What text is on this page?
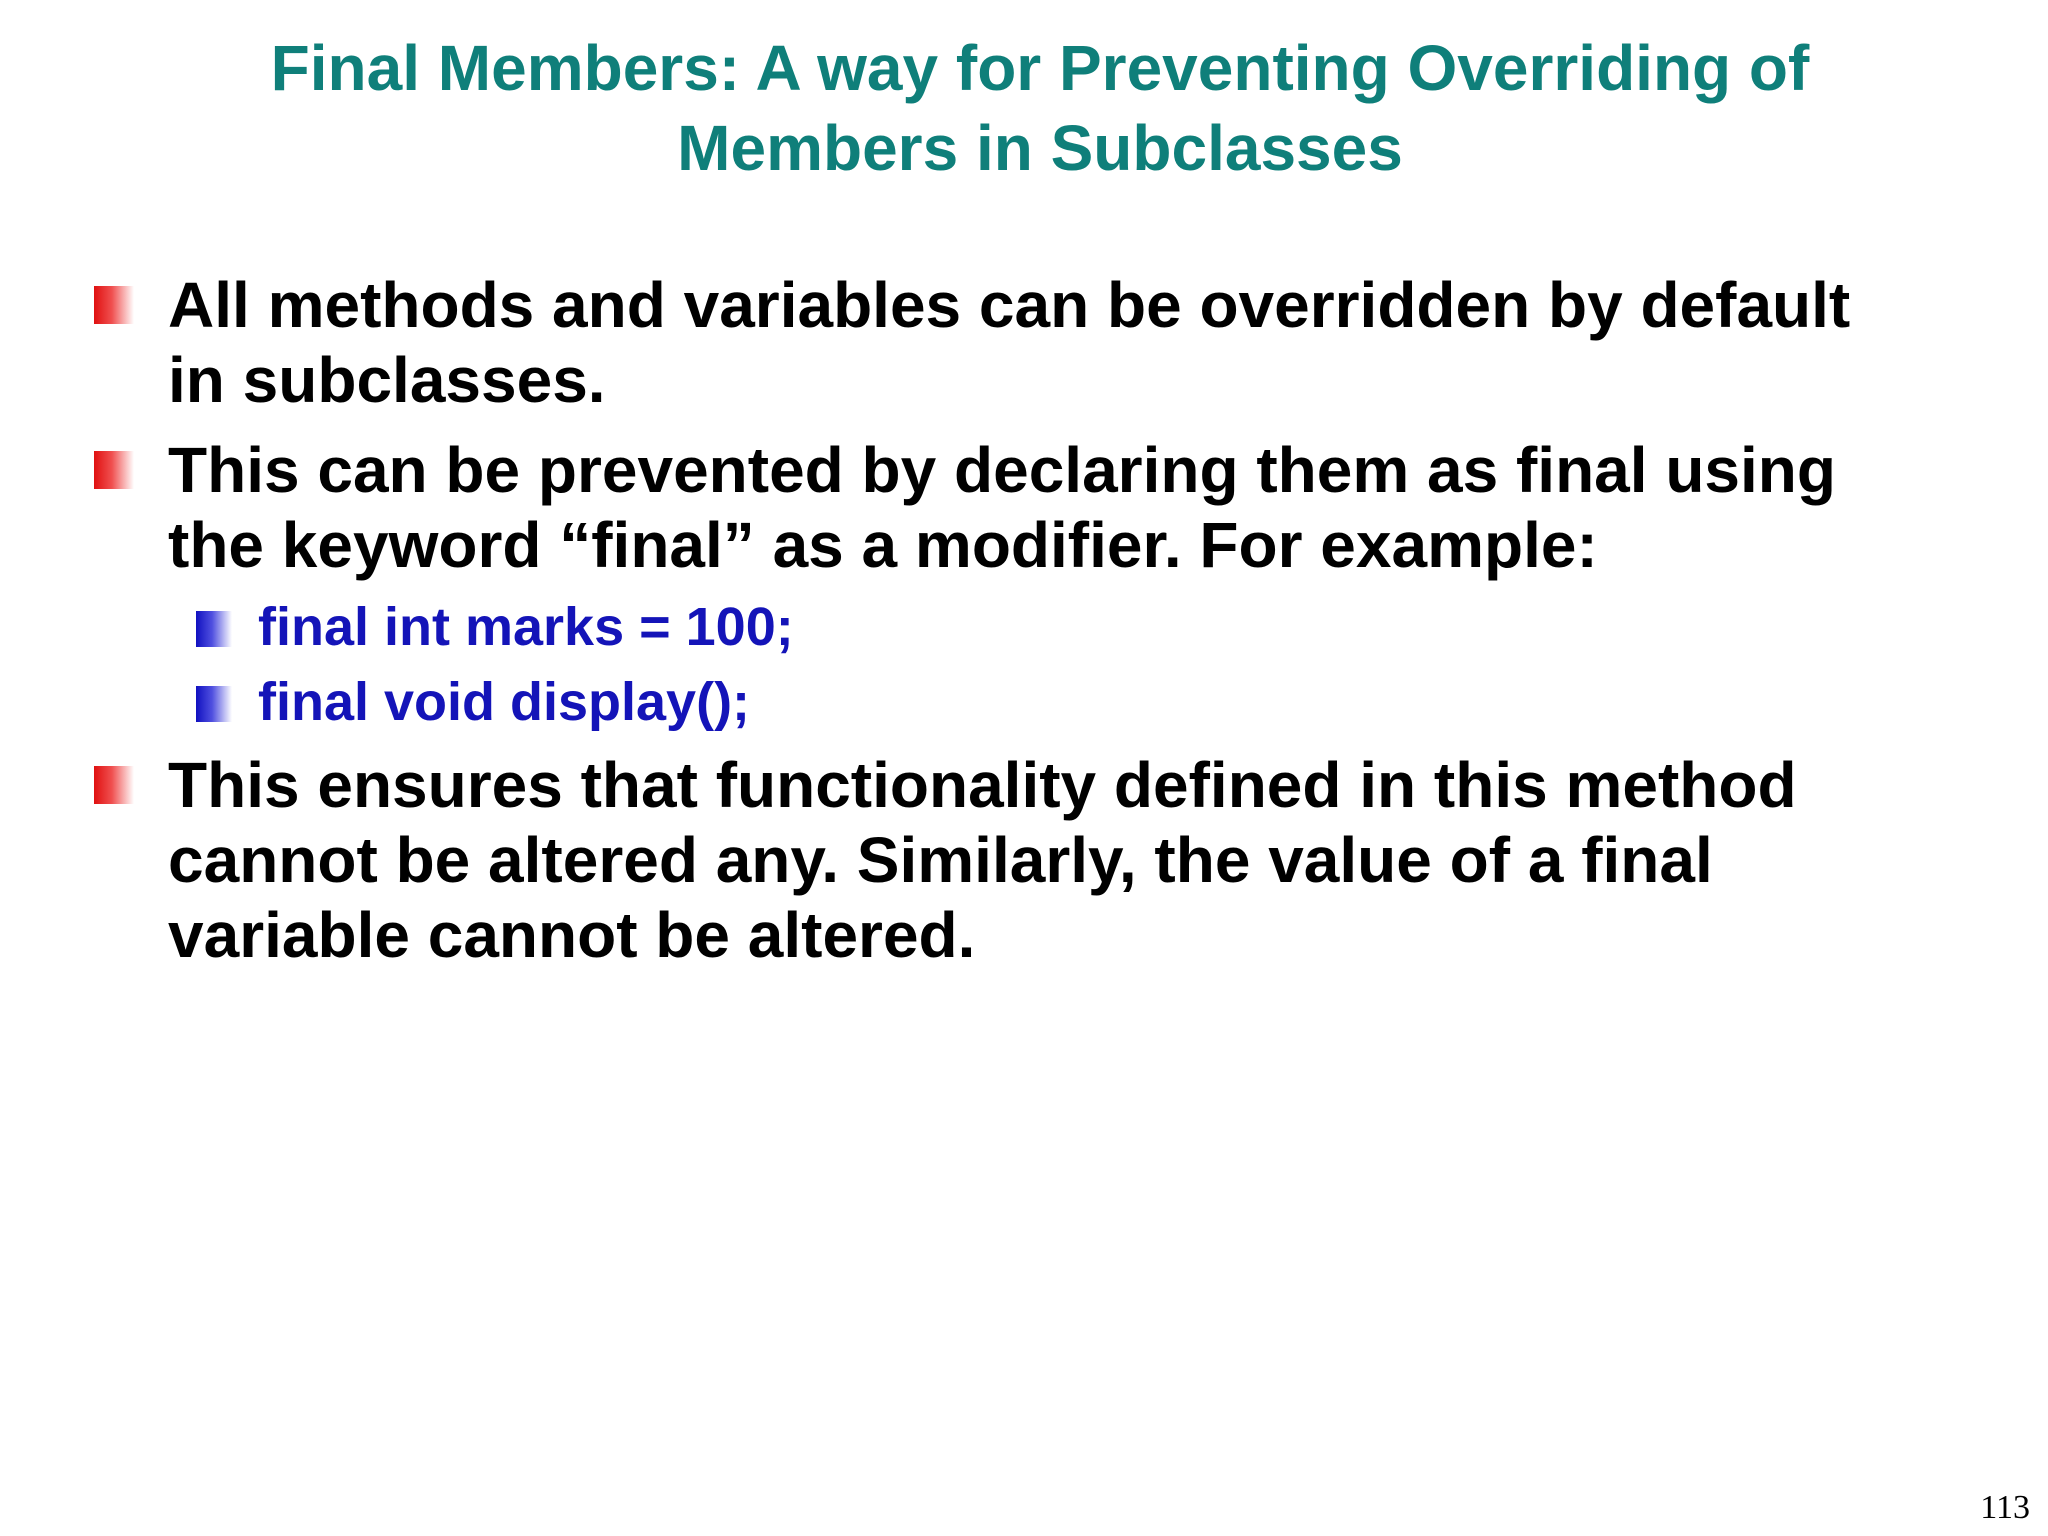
Final Members: A way for Preventing Overriding of
Members in Subclasses
All methods and variables can be overridden by default
in subclasses.
This can be prevented by declaring them as final using
the keyword “final” as a modifier. For example:
final int marks = 100;
final void display();
This ensures that functionality defined in this method
cannot be altered any. Similarly, the value of a final
variable cannot be altered.
113
